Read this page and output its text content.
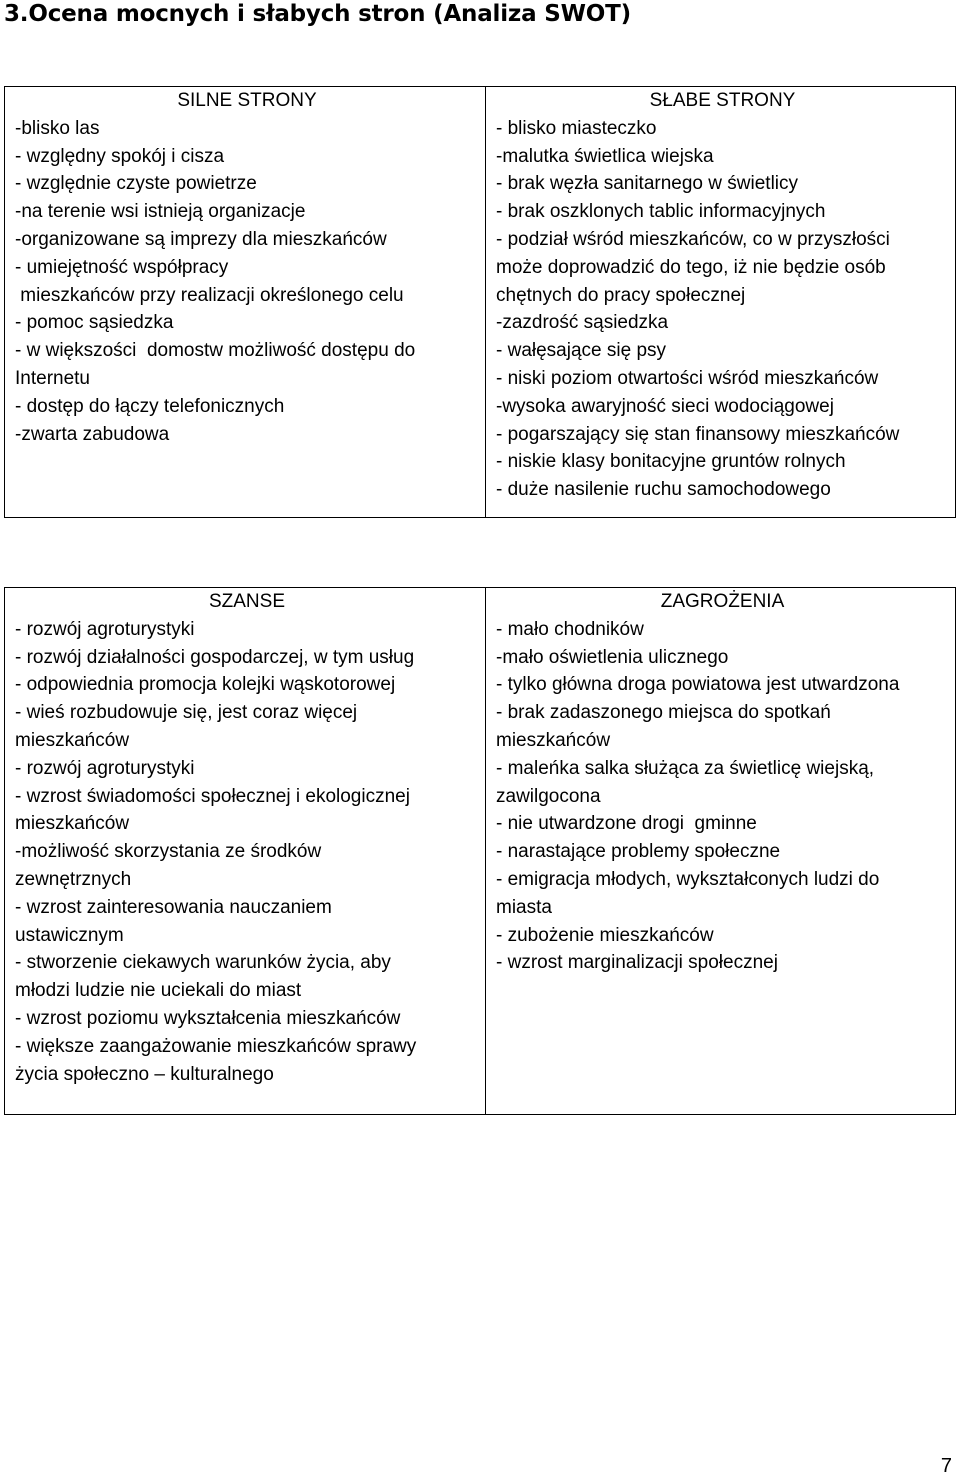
3.Ocena mocnych i słabych stron (Analiza SWOT)
SILNE STRONY
-blisko las
- względny spokój i cisza
- względnie czyste powietrze
-na terenie wsi istnieją organizacje
-organizowane są imprezy dla mieszkańców
- umiejętność współpracy
mieszkańców przy realizacji określonego celu
- pomoc sąsiedzka
- w większości  domostw możliwość dostępu do
Internetu
- dostęp do łączy telefonicznych
-zwarta zabudowa

SŁABE STRONY
- blisko miasteczko
-malutka świetlica wiejska
- brak węzła sanitarnego w świetlicy
- brak oszklonych tablic informacyjnych
- podział wśród mieszkańców, co w przyszłości
może doprowadzić do tego, iż nie będzie osób
chętnych do pracy społecznej
-zazdrość sąsiedzka
- wałęsające się psy
- niski poziom otwartości wśród mieszkańców
-wysoka awaryjność sieci wodociągowej
- pogarszający się stan finansowy mieszkańców
- niskie klasy bonitacyjne gruntów rolnych
- duże nasilenie ruchu samochodowego
SZANSE
- rozwój agroturystyki
- rozwój działalności gospodarczej, w tym usług
- odpowiednia promocja kolejki wąskotorowej
- wieś rozbudowuje się, jest coraz więcej
mieszkańców
- rozwój agroturystyki
- wzrost świadomości społecznej i ekologicznej
mieszkańców
-możliwość skorzystania ze środków
zewnętrznych
- wzrost zainteresowania nauczaniem
ustawicznym
- stworzenie ciekawych warunków życia, aby
młodzi ludzie nie uciekali do miast
- wzrost poziomu wykształcenia mieszkańców
- większe zaangażowanie mieszkańców sprawy
życia społeczno – kulturalnego

ZAGROŻENIA
- mało chodników
-mało oświetlenia ulicznego
- tylko główna droga powiatowa jest utwardzona
- brak zadaszonego miejsca do spotkań
mieszkańców
- maleńka salka służąca za świetlicę wiejską,
zawilgocona
- nie utwardzone drogi  gminne
- narastające problemy społeczne
- emigracja młodych, wykształconych ludzi do
miasta
- zubożenie mieszkańców
- wzrost marginalizacji społecznej
7
